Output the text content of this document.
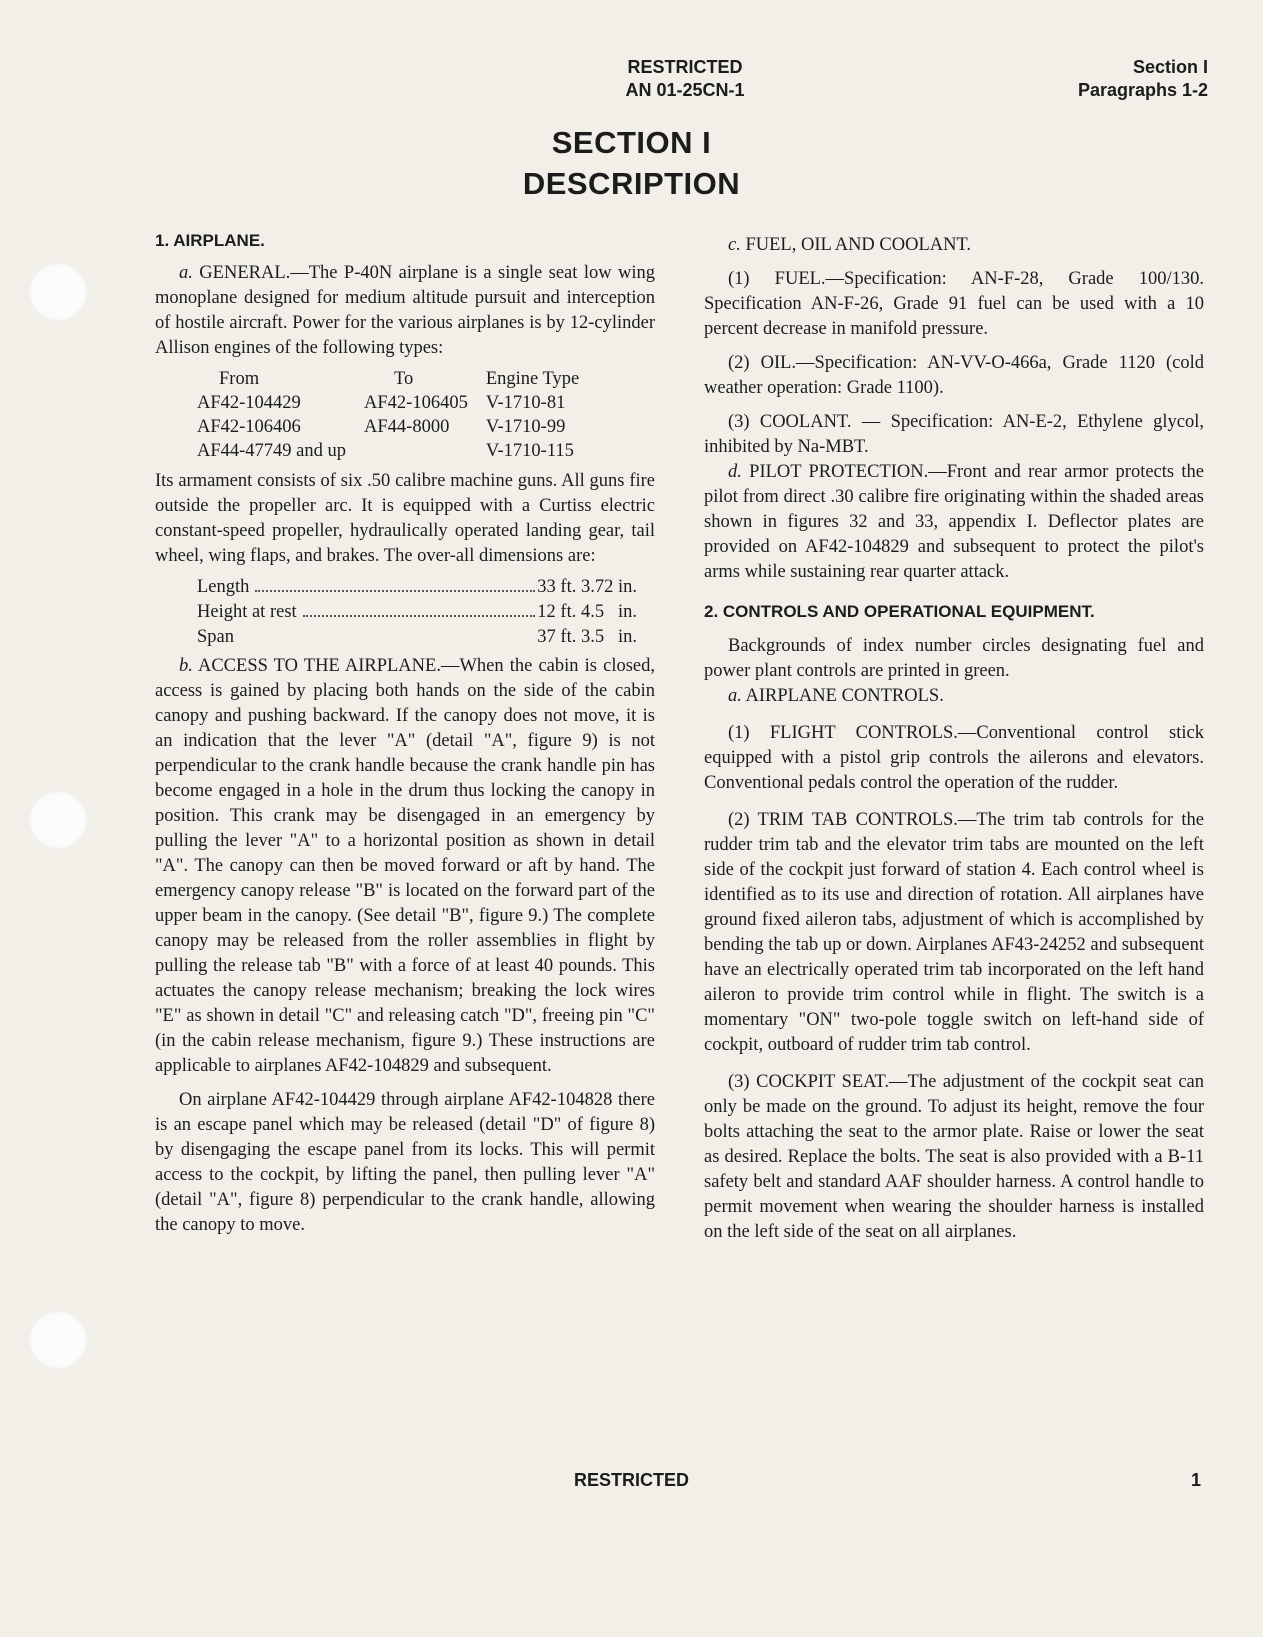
RESTRICTED
AN 01-25CN-1
Section I
Paragraphs 1-2
SECTION I
DESCRIPTION
1. AIRPLANE.

a. GENERAL.—The P-40N airplane is a single seat low wing monoplane designed for medium altitude pursuit and interception of hostile aircraft. Power for the various airplanes is by 12-cylinder Allison engines of the following types:

From	To	Engine Type
AF42-104429	AF42-106405	V-1710-81
AF42-106406	AF44-8000	V-1710-99
AF44-47749 and up		V-1710-115

Its armament consists of six .50 calibre machine guns. All guns fire outside the propeller arc. It is equipped with a Curtiss electric constant-speed propeller, hydraulically operated landing gear, tail wheel, wing flaps, and brakes. The over-all dimensions are:

Length	33 ft. 3.72 in.
Height at rest	12 ft. 4.5   in.
Span	37 ft. 3.5   in.

b. ACCESS TO THE AIRPLANE.—When the cabin is closed, access is gained by placing both hands on the side of the cabin canopy and pushing backward. If the canopy does not move, it is an indication that the lever "A" (detail "A", figure 9) is not perpendicular to the crank handle because the crank handle pin has become engaged in a hole in the drum thus locking the canopy in position. This crank may be disengaged in an emergency by pulling the lever "A" to a horizontal position as shown in detail "A". The canopy can then be moved forward or aft by hand. The emergency canopy release "B" is located on the forward part of the upper beam in the canopy. (See detail "B", figure 9.) The complete canopy may be released from the roller assemblies in flight by pulling the release tab "B" with a force of at least 40 pounds. This actuates the canopy release mechanism; breaking the lock wires "E" as shown in detail "C" and releasing catch "D", freeing pin "C" (in the cabin release mechanism, figure 9.) These instructions are applicable to airplanes AF42-104829 and subsequent.

On airplane AF42-104429 through airplane AF42-104828 there is an escape panel which may be released (detail "D" of figure 8) by disengaging the escape panel from its locks. This will permit access to the cockpit, by lifting the panel, then pulling lever "A" (detail "A", figure 8) perpendicular to the crank handle, allowing the canopy to move.

c. FUEL, OIL AND COOLANT.

(1) FUEL.—Specification: AN-F-28, Grade 100/130. Specification AN-F-26, Grade 91 fuel can be used with a 10 percent decrease in manifold pressure.

(2) OIL.—Specification: AN-VV-O-466a, Grade 1120 (cold weather operation: Grade 1100).

(3) COOLANT. — Specification: AN-E-2, Ethylene glycol, inhibited by Na-MBT.

d. PILOT PROTECTION.—Front and rear armor protects the pilot from direct .30 calibre fire originating within the shaded areas shown in figures 32 and 33, appendix I. Deflector plates are provided on AF42-104829 and subsequent to protect the pilot's arms while sustaining rear quarter attack.

2. CONTROLS AND OPERATIONAL EQUIPMENT.

Backgrounds of index number circles designating fuel and power plant controls are printed in green.

a. AIRPLANE CONTROLS.

(1) FLIGHT CONTROLS.—Conventional control stick equipped with a pistol grip controls the ailerons and elevators. Conventional pedals control the operation of the rudder.

(2) TRIM TAB CONTROLS.—The trim tab controls for the rudder trim tab and the elevator trim tabs are mounted on the left side of the cockpit just forward of station 4. Each control wheel is identified as to its use and direction of rotation. All airplanes have ground fixed aileron tabs, adjustment of which is accomplished by bending the tab up or down. Airplanes AF43-24252 and subsequent have an electrically operated trim tab incorporated on the left hand aileron to provide trim control while in flight. The switch is a momentary "ON" two-pole toggle switch on left-hand side of cockpit, outboard of rudder trim tab control.

(3) COCKPIT SEAT.—The adjustment of the cockpit seat can only be made on the ground. To adjust its height, remove the four bolts attaching the seat to the armor plate. Raise or lower the seat as desired. Replace the bolts. The seat is also provided with a B-11 safety belt and standard AAF shoulder harness. A control handle to permit movement when wearing the shoulder harness is installed on the left side of the seat on all airplanes.

RESTRICTED	1
